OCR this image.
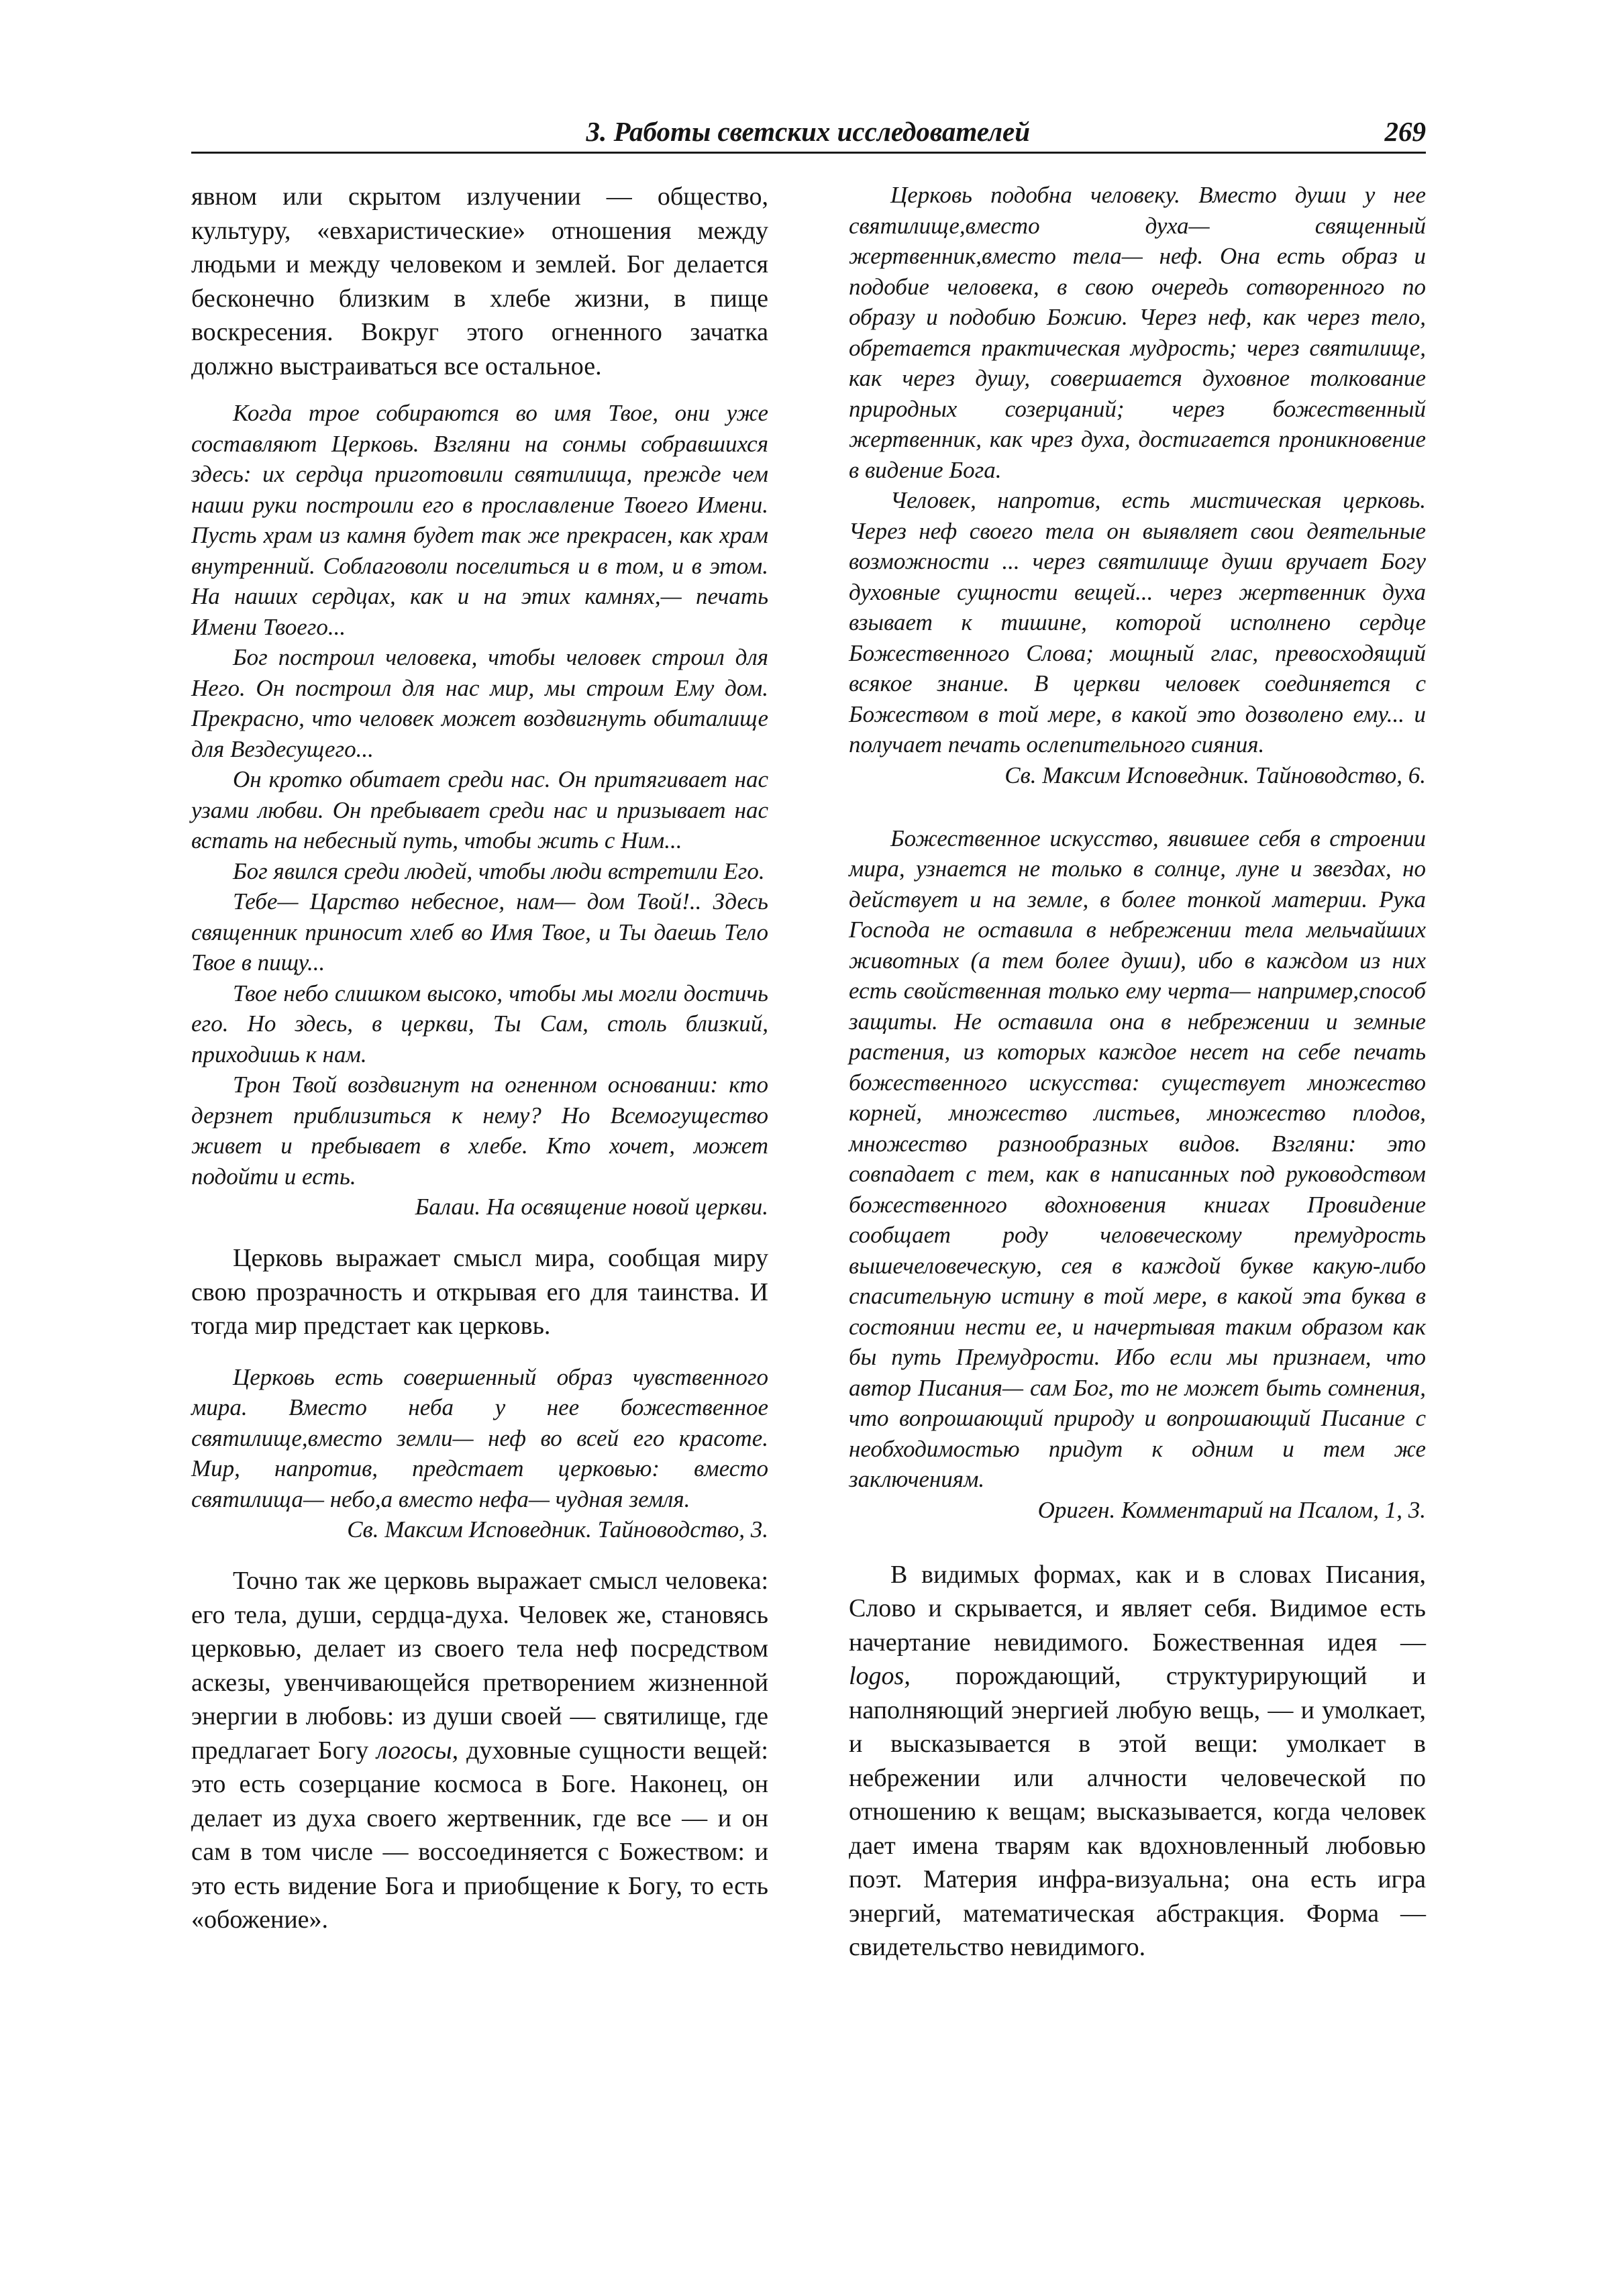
3. Работы светских исследователей	269

явном или скрытом излучении — общество, культуру, «евхаристические» отношения между людьми и между человеком и землей. Бог делается бесконечно близким в хлебе жизни, в пище воскресения. Вокруг этого огненного зачатка должно выстраиваться все остальное.

Когда трое собираются во имя Твое, они уже составляют Церковь. Взгляни на сонмы собравшихся здесь: их сердца приготовили святилища, прежде чем наши руки построили его в прославление Твоего Имени. Пусть храм из камня будет так же прекрасен, как храм внутренний. Соблаговоли поселиться и в том, и в этом. На наших сердцах, как и на этих камнях,— печать Имени Твоего...

Бог построил человека, чтобы человек строил для Него. Он построил для нас мир, мы строим Ему дом. Прекрасно, что человек может воздвигнуть обиталище для Вездесущего...

Он кротко обитает среди нас. Он притягивает нас узами любви. Он пребывает среди нас и призывает нас встать на небесный путь, чтобы жить с Ним...

Бог явился среди людей, чтобы люди встретили Его.

Тебе— Царство небесное, нам— дом Твой!.. Здесь священник приносит хлеб во Имя Твое, и Ты даешь Тело Твое в пищу...

Твое небо слишком высоко, чтобы мы могли достичь его. Но здесь, в церкви, Ты Сам, столь близкий, приходишь к нам.

Трон Твой воздвигнут на огненном основании: кто дерзнет приблизиться к нему? Но Всемогущество живет и пребывает в хлебе. Кто хочет, может подойти и есть.

Балаи. На освящение новой церкви.

Церковь выражает смысл мира, сообщая миру свою прозрачность и открывая его для таинства. И тогда мир предстает как церковь.

Церковь есть совершенный образ чувственного мира. Вместо неба у нее божественное святилище,вместо земли— неф во всей его красоте. Мир, напротив, предстает церковью: вместо святилища— небо,а вместо нефа— чудная земля.

Св. Максим Исповедник. Тайноводство, 3.

Точно так же церковь выражает смысл человека: его тела, души, сердца-духа. Человек же, становясь церковью, делает из своего тела неф посредством аскезы, увенчивающейся претворением жизненной энергии в любовь: из души своей — святилище, где предлагает Богу логосы, духовные сущности вещей: это есть созерцание космоса в Боге. Наконец, он делает из духа своего жертвенник, где все — и он сам в том числе — воссоединяется с Божеством: и это есть видение Бога и приобщение к Богу, то есть «обожение».

Церковь подобна человеку. Вместо души у нее святилище,вместо духа— священный жертвенник,вместо тела— неф. Она есть образ и подобие человека, в свою очередь сотворенного по образу и подобию Божию. Через неф, как через тело, обретается практическая мудрость; через святилище, как через душу, совершается духовное толкование природных созерцаний; через божественный жертвенник, как чрез духа, достигается проникновение в видение Бога.

Человек, напротив, есть мистическая церковь. Через неф своего тела он выявляет свои деятельные возможности ... через святилище души вручает Богу духовные сущности вещей... через жертвенник духа взывает к тишине, которой исполнено сердце Божественного Слова; мощный глас, превосходящий всякое знание. В церкви человек соединяется с Божеством в той мере, в какой это дозволено ему... и получает печать ослепительного сияния.

Св. Максим Исповедник. Тайноводство, 6.

Божественное искусство, явившее себя в строении мира, узнается не только в солнце, луне и звездах, но действует и на земле, в более тонкой материи. Рука Господа не оставила в небрежении тела мельчайших животных (а тем более души), ибо в каждом из них есть свойственная только ему черта— например,способ защиты. Не оставила она в небрежении и земные растения, из которых каждое несет на себе печать божественного искусства: существует множество корней, множество листьев, множество плодов, множество разнообразных видов. Взгляни: это совпадает с тем, как в написанных под руководством божественного вдохновения книгах Провидение сообщает роду человеческому премудрость вышечеловеческую, сея в каждой букве какую-либо спасительную истину в той мере, в какой эта буква в состоянии нести ее, и начертывая таким образом как бы путь Премудрости. Ибо если мы признаем, что автор Писания— сам Бог, то не может быть сомнения, что вопрошающий природу и вопрошающий Писание с необходимостью придут к одним и тем же заключениям.

Ориген. Комментарий на Псалом, 1, 3.

В видимых формах, как и в словах Писания, Слово и скрывается, и являет себя. Видимое есть начертание невидимого. Божественная идея — logos, порождающий, структурирующий и наполняющий энергией любую вещь, — и умолкает, и высказывается в этой вещи: умолкает в небрежении или алчности человеческой по отношению к вещам; высказывается, когда человек дает имена тварям как вдохновленный любовью поэт. Материя инфра-визуальна; она есть игра энергий, математическая абстракция. Форма — свидетельство невидимого.
